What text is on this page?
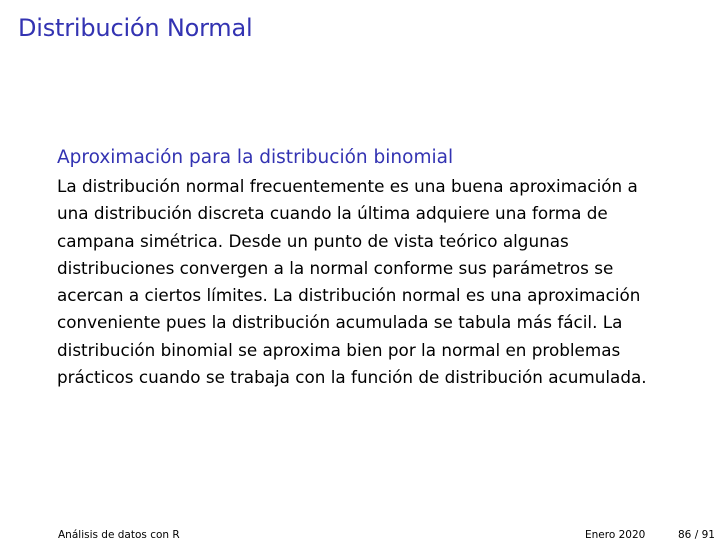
Distribución Normal
Aproximación para la distribución binomial
La distribución normal frecuentemente es una buena aproximación a
una distribución discreta cuando la última adquiere una forma de
campana simétrica. Desde un punto de vista teórico algunas
distribuciones convergen a la normal conforme sus parámetros se
acercan a ciertos límites. La distribución normal es una aproximación
conveniente pues la distribución acumulada se tabula más fácil. La
distribución binomial se aproxima bien por la normal en problemas
prácticos cuando se trabaja con la función de distribución acumulada.
Análisis de datos con R	Enero 2020	86 / 91
